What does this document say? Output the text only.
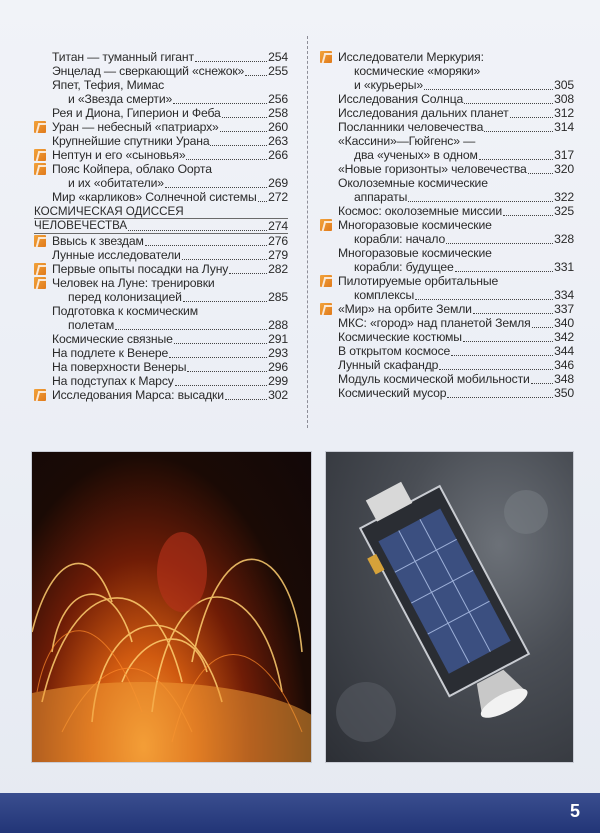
Титан — туманный гигант	254
Энцелад — сверкающий «снежок» 255
Япет, Тефия, Мимас
и «Звезда смерти»	256
Рея и Диона, Гиперион и Феба	258
Уран — небесный «патриарх»	260
Крупнейшие спутники Урана	263
Нептун и его «сыновья»	266
Пояс Койпера, облако Оорта
и их «обитатели»	269
Мир «карликов» Солнечной системы 272
КОСМИЧЕСКАЯ ОДИССЕЯ
ЧЕЛОВЕЧЕСТВА	274
Ввысь к звездам	276
Лунные исследователи	279
Первые опыты посадки на Луну	282
Человек на Луне: тренировки
перед колонизацией	285
Подготовка к космическим
полетам	288
Космические связные	291
На подлете к Венере	293
На поверхности Венеры	296
На подступах к Марсу	299
Исследования Марса: высадки	302
Исследователи Меркурия:
космические «моряки»
и «курьеры»	305
Исследования Солнца	308
Исследования дальних планет	312
Посланники человечества	314
«Кассини»—Гюйгенс» —
два «ученых» в одном	317
«Новые горизонты» человечества 320
Околоземные космические
аппараты	322
Космос: околоземные миссии	325
Многоразовые космические
корабли: начало	328
Многоразовые космические
корабли: будущее	331
Пилотируемые орбитальные
комплексы	334
«Мир» на орбите Земли	337
МКС: «город» над планетой Земля 340
Космические костюмы	342
В открытом космосе	344
Лунный скафандр	346
Модуль космической мобильности 348
Космический мусор	350
5
